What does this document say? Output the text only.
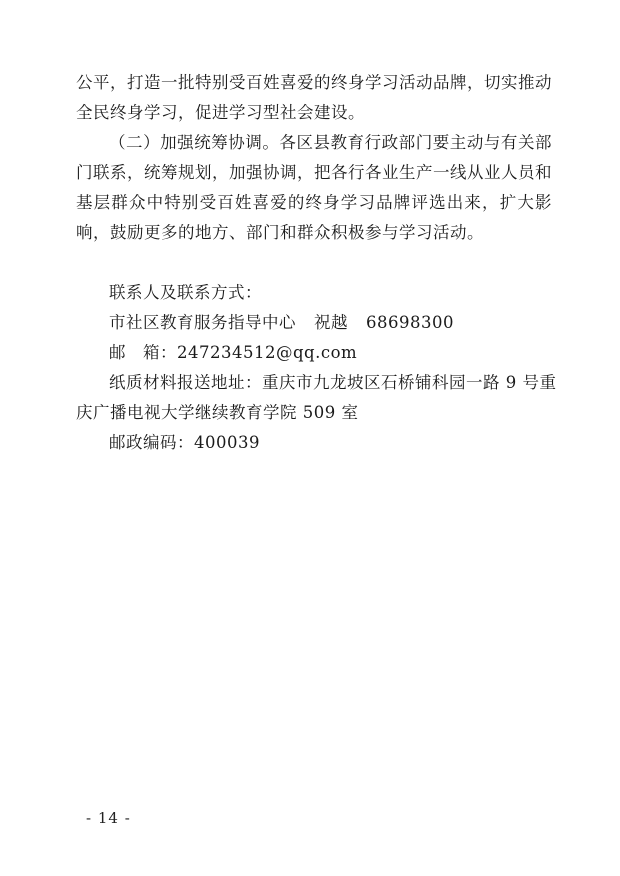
公平，打造一批特别受百姓喜爱的终身学习活动品牌，切实推动全民终身学习，促进学习型社会建设。

（二）加强统筹协调。各区县教育行政部门要主动与有关部门联系，统筹规划，加强协调，把各行各业生产一线从业人员和基层群众中特别受百姓喜爱的终身学习品牌评选出来，扩大影响，鼓励更多的地方、部门和群众积极参与学习活动。

联系人及联系方式：
市社区教育服务指导中心 祝越 68698300
邮　箱：247234512@qq.com
纸质材料报送地址：重庆市九龙坡区石桥铺科园一路 9 号重
庆广播电视大学继续教育学院 509 室
邮政编码：400039
- 14 -
